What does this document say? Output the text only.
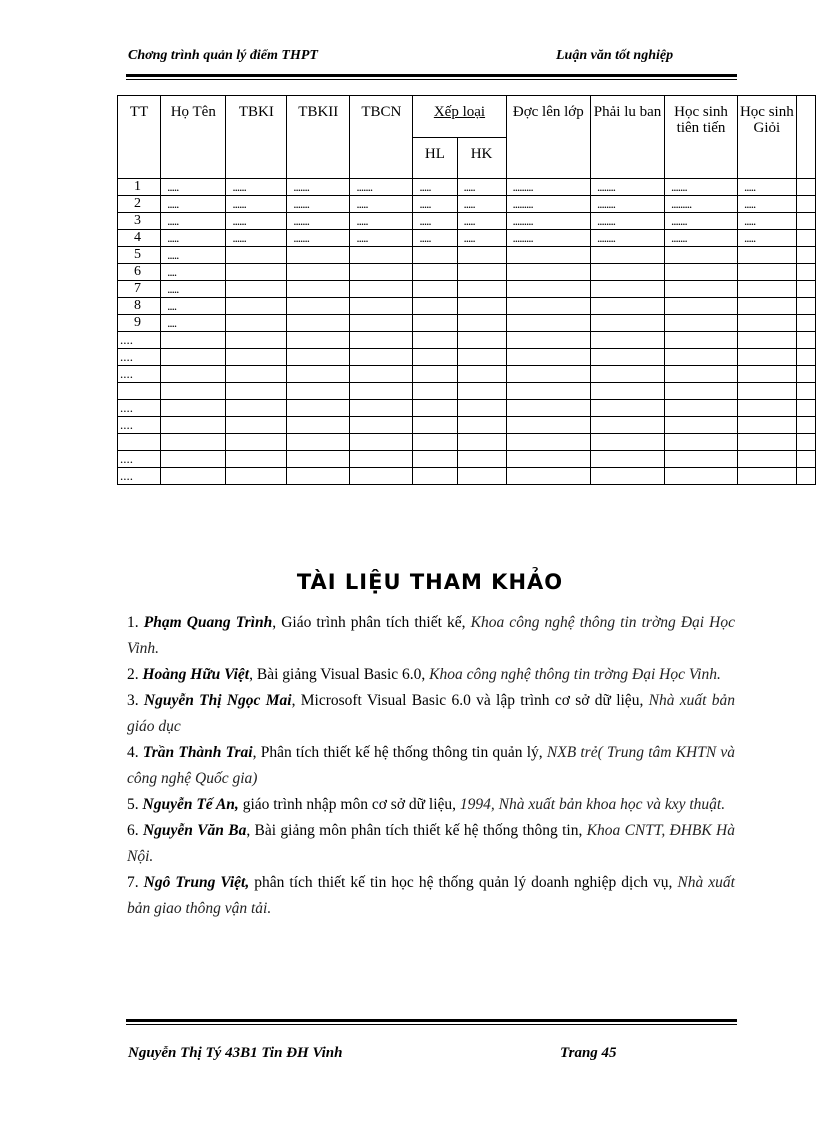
Chơng trình quản lý điểm THPT	Luận văn tốt nghiệp
TT	Họ Tên	TBKI	TBKII	TBCN	Xếp loại		Đợc lên lớp	Phải lu ban	Học sinh tiên tiến	Học sinh Giỏi	
					HL	HK					
1	.....	......	.......	.......	.....	.....	.........	........	.......	.....	
2	.....	......	.......	.....	.....	.....	.........	........	.........	.....	
3	.....	......	.......	.....	.....	.....	.........	........	.......	.....	
4	.....	......	.......	.....	.....	.....	.........	........	.......	.....	
5	.....										
6	....										
7	.....										
8	....										
9	....										
....											
....											
....											

....											
....											

....											
....											
TÀI LIỆU THAM KHẢO

1. Phạm Quang Trình, Giáo trình phân tích thiết kế, Khoa công nghệ thông tin trờng Đại Học Vinh.

2. Hoàng Hữu Việt, Bài giảng Visual Basic 6.0, Khoa công nghệ thông tin trờng Đại Học Vinh.

3. Nguyễn Thị Ngọc Mai, Microsoft Visual Basic 6.0 và lập trình cơ sở dữ liệu, Nhà xuất bản giáo dục

4. Trần Thành Trai, Phân tích thiết kế hệ thống thông tin quản lý, NXB trẻ( Trung tâm KHTN và công nghệ Quốc gia)

5. Nguyễn Tế An, giáo trình nhập môn cơ sở dữ liệu, 1994, Nhà xuất bản khoa học và kxy thuật.

6. Nguyễn Văn Ba, Bài giảng môn phân tích thiết kế hệ thống thông tin, Khoa CNTT, ĐHBK Hà Nội.

7. Ngô Trung Việt, phân tích thiết kế tin học hệ thống quản lý doanh nghiệp dịch vụ, Nhà xuất bản giao thông vận tải.

Nguyễn Thị Tý 43B1 Tin ĐH Vinh	Trang 45
